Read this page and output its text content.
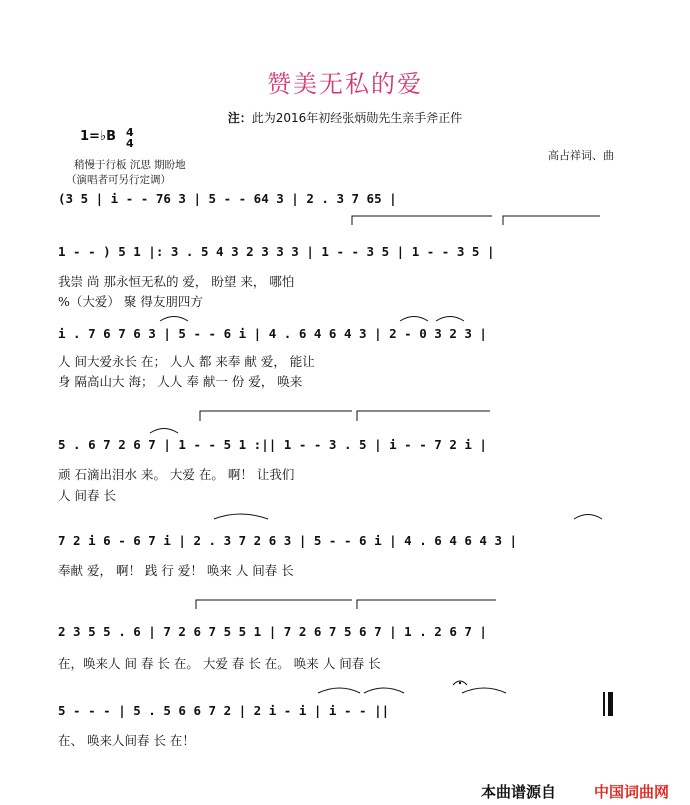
赞美无私的爱
注：此为2016年初经张炳勋先生亲手斧正件
1=♭B 4
4
高占祥词、曲
稍慢于行板 沉思 期盼地
（演唱者可另行定调）
(3 5 | i - - 76 3 | 5 - - 64 3 | 2 . 3 7 65 |
1 - - ) 5 1 |: 3 . 5 4 3 2 3 3 3 | 1 - - 3 5 | 1 - - 3 5 |
我崇 尚 那永恒无私的 爱， 盼望 来， 哪怕
%（大爱） 聚 得友朋四方
i . 7 6 7 6 3 | 5 - - 6 i | 4 . 6 4 6 4 3 | 2 - 0 3 2 3 |
人 间大爱永长 在； 人人 都 来奉 献 爱， 能让
身 隔高山大 海； 人人 奉 献一 份 爱， 唤来
5 . 6 7 2 6 7 | 1 - - 5 1 :|| 1 - - 3 . 5 | i - - 7 2 i |
顽 石滴出泪水 来。 大爱 在。 啊！ 让我们
人 间春 长
7 2 i 6 - 6 7 i | 2 . 3 7 2 6 3 | 5 - - 6 i | 4 . 6 4 6 4 3 |
奉献 爱， 啊！ 践 行 爱！ 唤来 人 间春 长
2 3 5 5 . 6 | 7 2 6 7 5 5 1 | 7 2 6 7 5 6 7 | 1 . 2 6 7 |
在，唤来人 间 春 长 在。 大爱 春 长 在。 唤来 人 间春 长
5 - - - | 5 . 5 6 6 7 2 | 2 i - i | i - - ||
在、 唤来人间春 长 在！
本曲谱源自	中国词曲网
